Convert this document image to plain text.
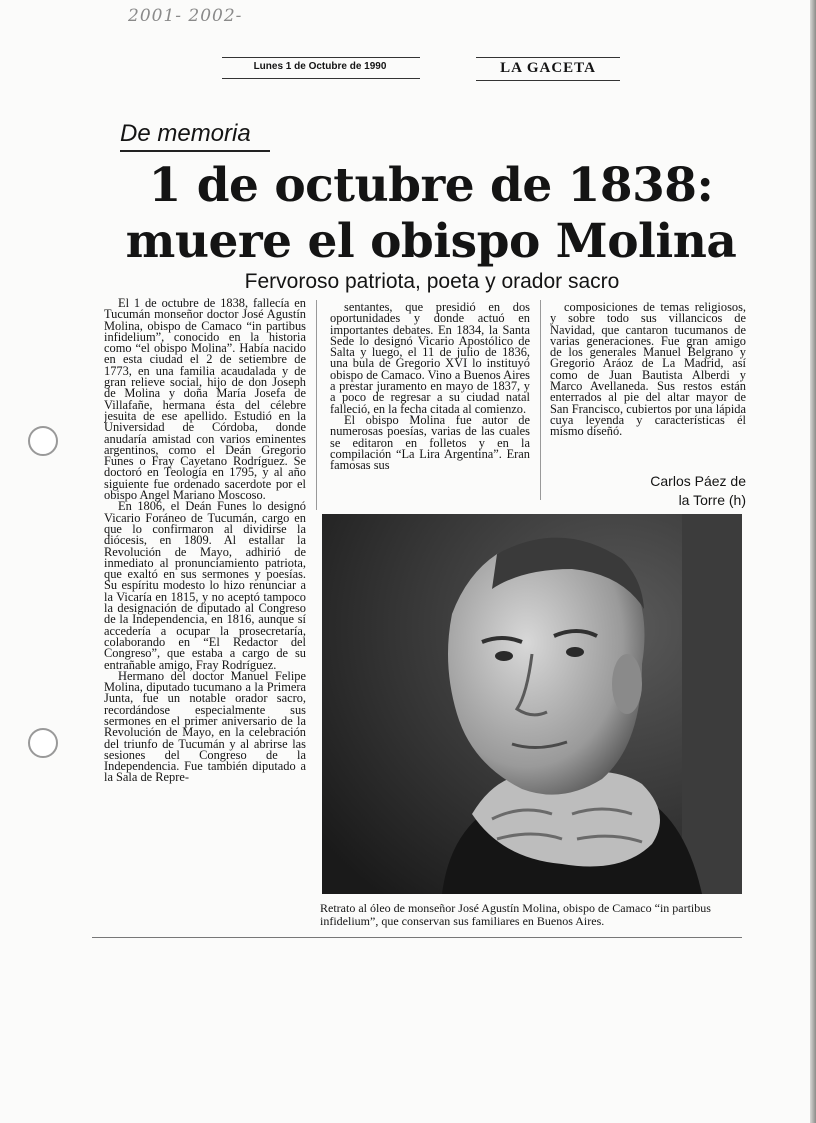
2001- 2002-
Lunes 1 de Octubre de 1990	LA GACETA
De memoria
1 de octubre de 1838:
muere el obispo Molina
Fervoroso patriota, poeta y orador sacro

El 1 de octubre de 1838, fallecía en Tucumán monseñor doctor José Agustín Molina, obispo de Camaco “in partibus infidelium”, conocido en la historia como “el obispo Molina”. Había nacido en esta ciudad el 2 de setiembre de 1773, en una familia acaudalada y de gran relieve social, hijo de don Joseph de Molina y doña María Josefa de Villafañe, hermana ésta del célebre jesuita de ese apellido. Estudió en la Universidad de Córdoba, donde anudaría amistad con varios eminentes argentinos, como el Deán Gregorio Funes o Fray Cayetano Rodríguez. Se doctoró en Teología en 1795, y al año siguiente fue ordenado sacerdote por el obispo Angel Mariano Moscoso.

En 1806, el Deán Funes lo designó Vicario Foráneo de Tucumán, cargo en que lo confirmaron al dividirse la diócesis, en 1809. Al estallar la Revolución de Mayo, adhirió de inmediato al pronunciamiento patriota, que exaltó en sus sermones y poesías. Su espíritu modesto lo hizo renunciar a la Vicaría en 1815, y no aceptó tampoco la designación de diputado al Congreso de la Independencia, en 1816, aunque sí accedería a ocupar la prosecretaría, colaborando en “El Redactor del Congreso”, que estaba a cargo de su entrañable amigo, Fray Rodríguez.

Hermano del doctor Manuel Felipe Molina, diputado tucumano a la Primera Junta, fue un notable orador sacro, recordándose especialmente sus sermones en el primer aniversario de la Revolución de Mayo, en la celebración del triunfo de Tucumán y al abrirse las sesiones del Congreso de la Independencia. Fue también diputado a la Sala de Repre-

sentantes, que presidió en dos oportunidades y donde actuó en importantes debates. En 1834, la Santa Sede lo designó Vicario Apostólico de Salta y luego, el 11 de julio de 1836, una bula de Gregorio XVI lo instituyó obispo de Camaco. Vino a Buenos Aires a prestar juramento en mayo de 1837, y a poco de regresar a su ciudad natal falleció, en la fecha citada al comienzo.

El obispo Molina fue autor de numerosas poesías, varias de las cuales se editaron en folletos y en la compilación “La Lira Argentina”. Eran famosas sus

composiciones de temas religiosos, y sobre todo sus villancicos de Navidad, que cantaron tucumanos de varias generaciones. Fue gran amigo de los generales Manuel Belgrano y Gregorio Aráoz de La Madrid, así como de Juan Bautista Alberdi y Marco Avellaneda. Sus restos están enterrados al pie del altar mayor de San Francisco, cubiertos por una lápida cuya leyenda y características él mismo diseñó.

Carlos Páez de
la Torre (h)
Retrato al óleo de monseñor José Agustín Molina, obispo de Camaco “in partibus infidelium”, que conservan sus familiares en Buenos Aires.
